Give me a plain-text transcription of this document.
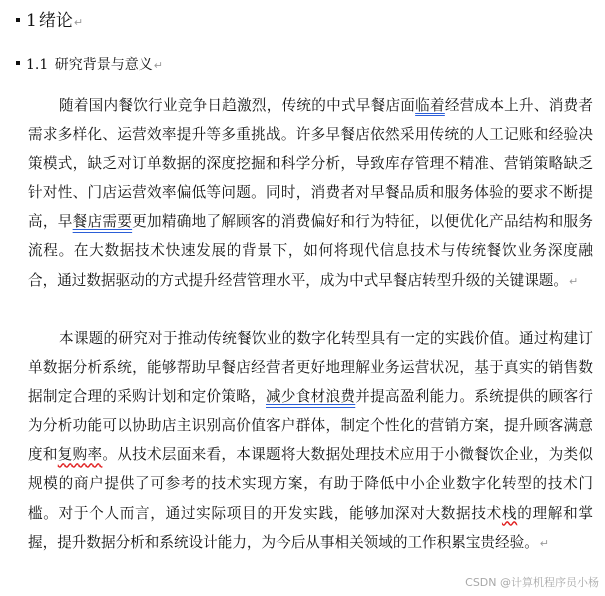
1 绪论↵
1.1 研究背景与意义↵

随着国内餐饮行业竞争日趋激烈，传统的中式早餐店面临着经营成本上升、消费者需求多样化、运营效率提升等多重挑战。许多早餐店依然采用传统的人工记账和经验决策模式，缺乏对订单数据的深度挖掘和科学分析，导致库存管理不精准、营销策略缺乏针对性、门店运营效率偏低等问题。同时，消费者对早餐品质和服务体验的要求不断提高，早餐店需要更加精确地了解顾客的消费偏好和行为特征，以便优化产品结构和服务流程。在大数据技术快速发展的背景下，如何将现代信息技术与传统餐饮业务深度融合，通过数据驱动的方式提升经营管理水平，成为中式早餐店转型升级的关键课题。↵

本课题的研究对于推动传统餐饮业的数字化转型具有一定的实践价值。通过构建订单数据分析系统，能够帮助早餐店经营者更好地理解业务运营状况，基于真实的销售数据制定合理的采购计划和定价策略，减少食材浪费并提高盈利能力。系统提供的顾客行为分析功能可以协助店主识别高价值客户群体，制定个性化的营销方案，提升顾客满意度和复购率。从技术层面来看，本课题将大数据处理技术应用于小微餐饮企业，为类似规模的商户提供了可参考的技术实现方案，有助于降低中小企业数字化转型的技术门槛。对于个人而言，通过实际项目的开发实践，能够加深对大数据技术栈的理解和掌握，提升数据分析和系统设计能力，为今后从事相关领域的工作积累宝贵经验。↵

CSDN @计算机程序员小杨
